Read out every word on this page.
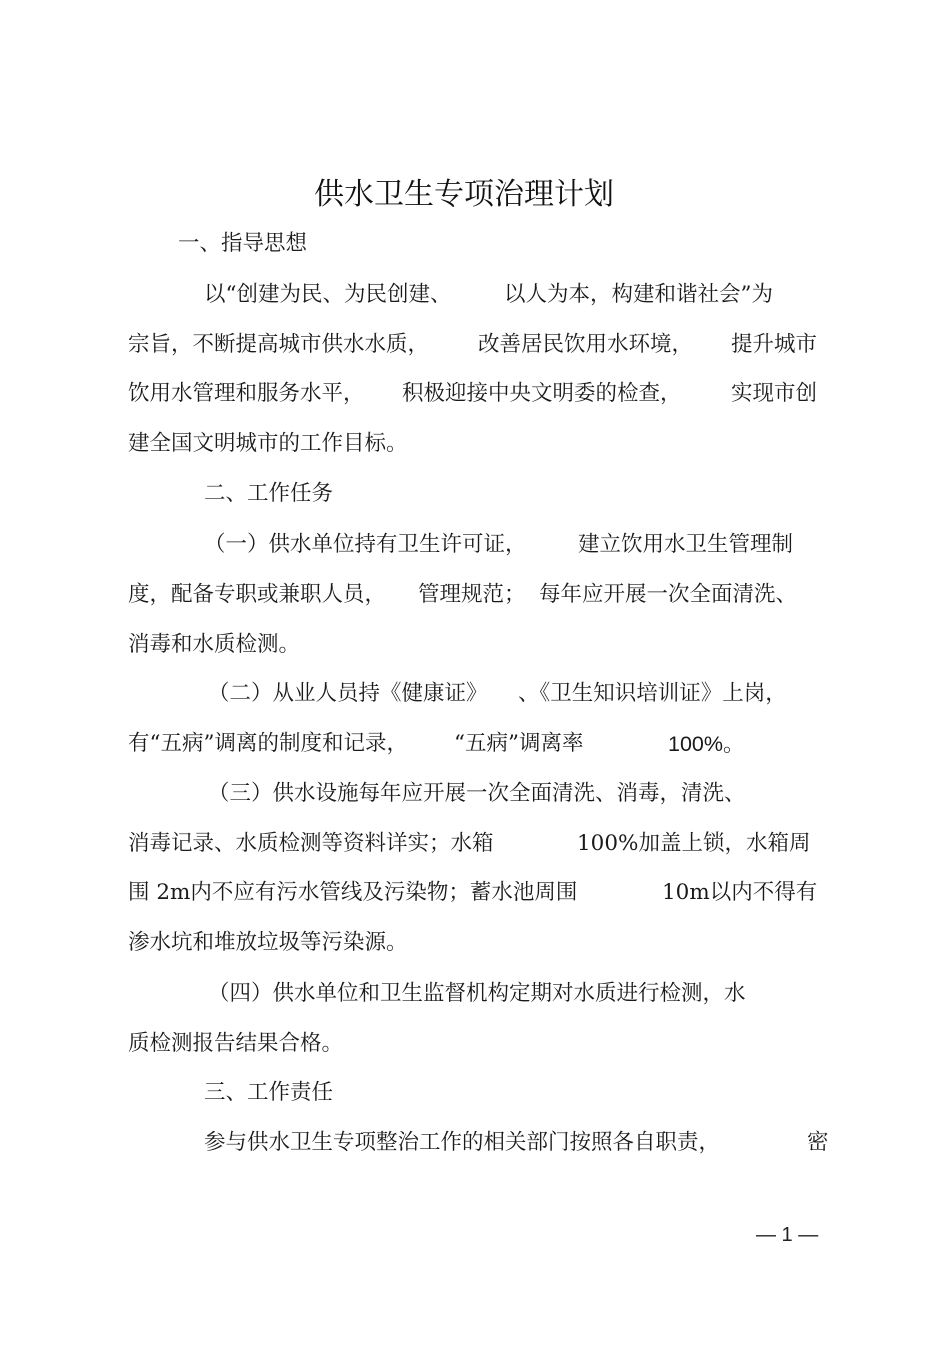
供水卫生专项治理计划
一、指导思想
以“创建为民、为民创建、 以人为本，构建和谐社会”为
宗旨，不断提高城市供水水质， 改善居民饮用水环境， 提升城市
饮用水管理和服务水平， 积极迎接中央文明委的检查， 实现市创
建全国文明城市的工作目标。
二、工作任务
（一）供水单位持有卫生许可证， 建立饮用水卫生管理制
度，配备专职或兼职人员， 管理规范； 每年应开展一次全面清洗、
消毒和水质检测。
（二）从业人员持《健康证》 、《卫生知识培训证》上岗，
有“五病”调离的制度和记录， “五病”调离率	100%。
（三）供水设施每年应开展一次全面清洗、消毒，清洗、
消毒记录、水质检测等资料详实；水箱	100%加盖上锁，水箱周
围 2m内不应有污水管线及污染物；蓄水池周围	10m以内不得有
渗水坑和堆放垃圾等污染源。
（四）供水单位和卫生监督机构定期对水质进行检测，水
质检测报告结果合格。
三、工作责任
参与供水卫生专项整治工作的相关部门按照各自职责，	密
— 1 —
